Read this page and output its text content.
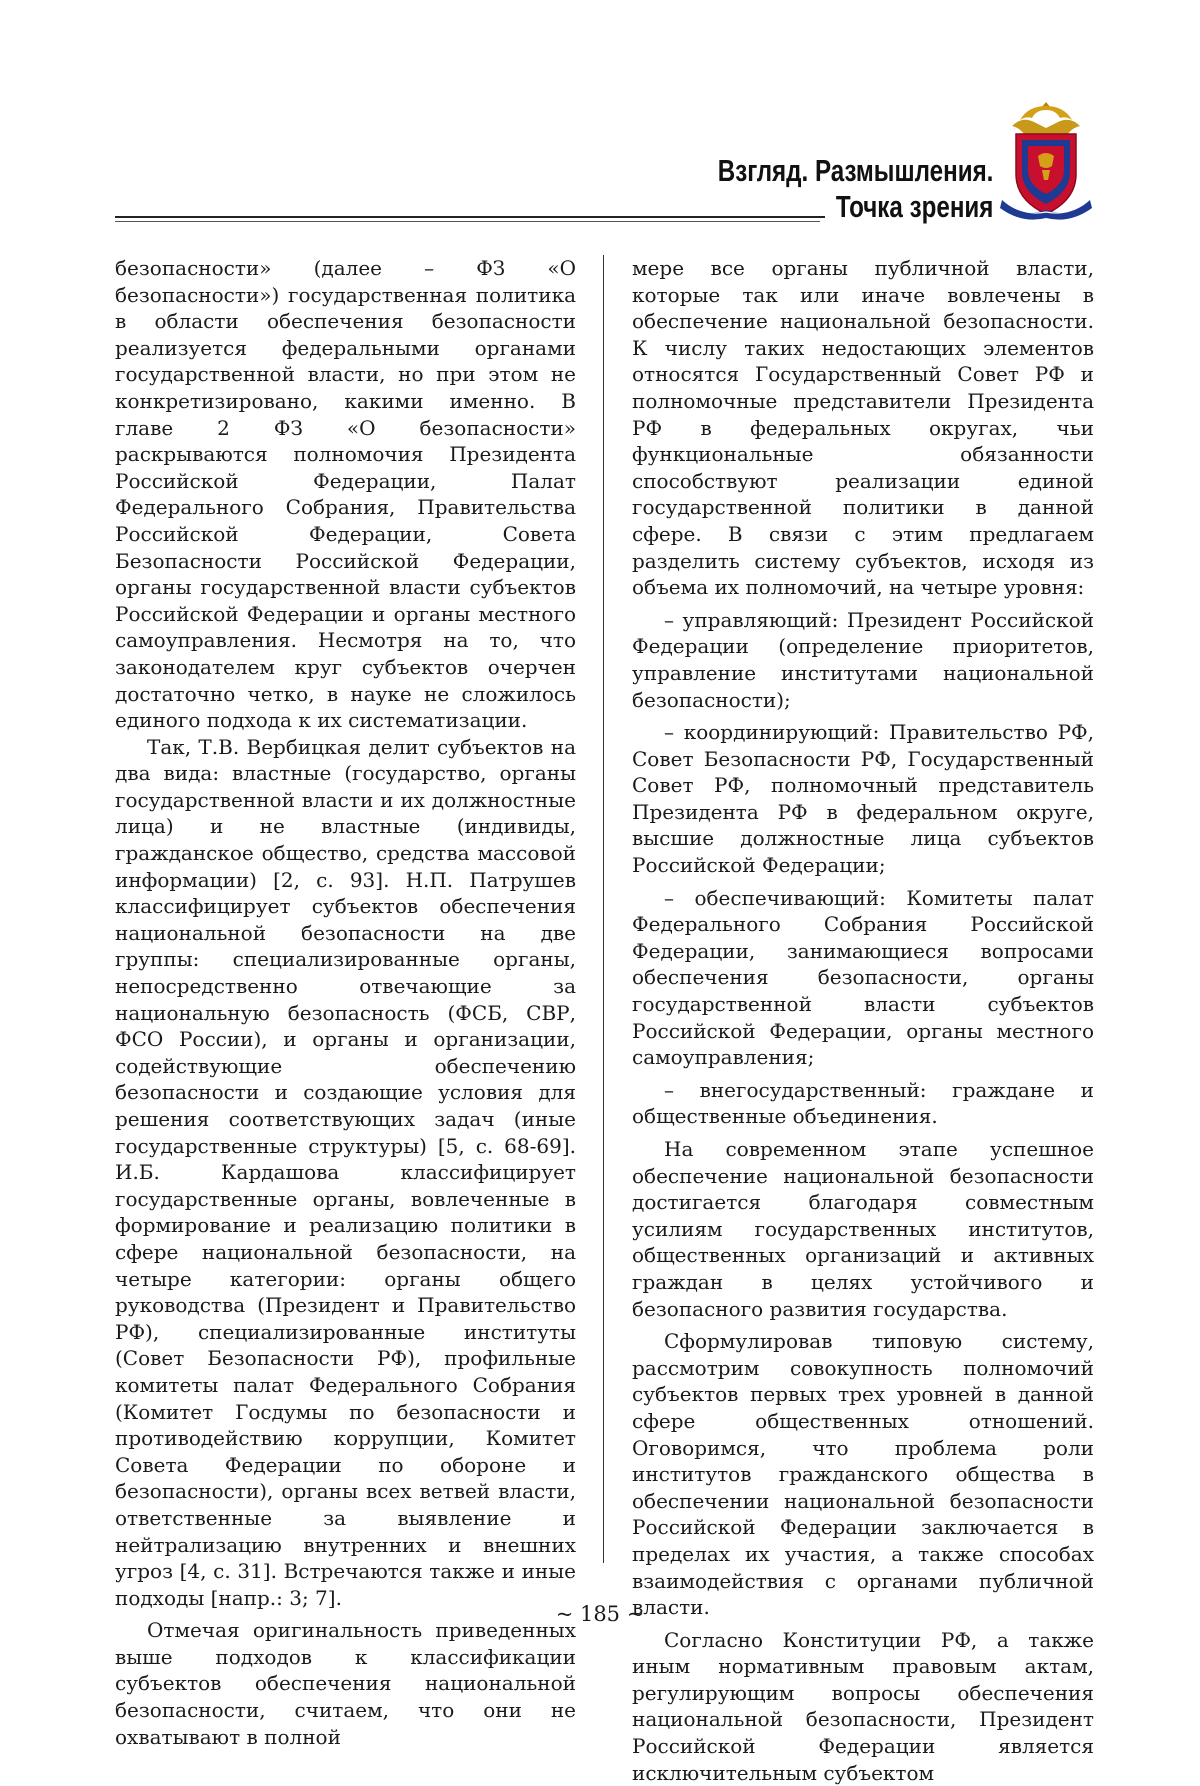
Взгляд. Размышления.
Точка зрения

безопасности» (далее – ФЗ «О безопасности») государственная политика в области обеспечения безопасности реализуется федеральными органами государственной власти, но при этом не конкретизировано, какими именно. В главе 2 ФЗ «О безопасности» раскрываются полномочия Президента Российской Федерации, Палат Федерального Собрания, Правительства Российской Федерации, Совета Безопасности Российской Федерации, органы государственной власти субъектов Российской Федерации и органы местного самоуправления. Несмотря на то, что законодателем круг субъектов очерчен достаточно четко, в науке не сложилось единого подхода к их систематизации.

Так, Т.В. Вербицкая делит субъектов на два вида: властные (государство, органы государственной власти и их должностные лица) и не властные (индивиды, гражданское общество, средства массовой информации) [2, с. 93]. Н.П. Патрушев классифицирует субъектов обеспечения национальной безопасности на две группы: специализированные органы, непосредственно отвечающие за национальную безопасность (ФСБ, СВР, ФСО России), и органы и организации, содействующие обеспечению безопасности и создающие условия для решения соответствующих задач (иные государственные структуры) [5, с. 68-69]. И.Б. Кардашова классифицирует государственные органы, вовлеченные в формирование и реализацию политики в сфере национальной безопасности, на четыре категории: органы общего руководства (Президент и Правительство РФ), специализированные институты (Совет Безопасности РФ), профильные комитеты палат Федерального Собрания (Комитет Госдумы по безопасности и противодействию коррупции, Комитет Совета Федерации по обороне и безопасности), органы всех ветвей власти, ответственные за выявление и нейтрализацию внутренних и внешних угроз [4, с. 31]. Встречаются также и иные подходы [напр.: 3; 7].

Отмечая оригинальность приведенных выше подходов к классификации субъектов обеспечения национальной безопасности, считаем, что они не охватывают в полной

мере все органы публичной власти, которые так или иначе вовлечены в обеспечение национальной безопасности. К числу таких недостающих элементов относятся Государственный Совет РФ и полномочные представители Президента РФ в федеральных округах, чьи функциональные обязанности способствуют реализации единой государственной политики в данной сфере. В связи с этим предлагаем разделить систему субъектов, исходя из объема их полномочий, на четыре уровня:

– управляющий: Президент Российской Федерации (определение приоритетов, управление институтами национальной безопасности);

– координирующий: Правительство РФ, Совет Безопасности РФ, Государственный Совет РФ, полномочный представитель Президента РФ в федеральном округе, высшие должностные лица субъектов Российской Федерации;

– обеспечивающий: Комитеты палат Федерального Собрания Российской Федерации, занимающиеся вопросами обеспечения безопасности, органы государственной власти субъектов Российской Федерации, органы местного самоуправления;

– внегосударственный: граждане и общественные объединения.

На современном этапе успешное обеспечение национальной безопасности достигается благодаря совместным усилиям государственных институтов, общественных организаций и активных граждан в целях устойчивого и безопасного развития государства.

Сформулировав типовую систему, рассмотрим совокупность полномочий субъектов первых трех уровней в данной сфере общественных отношений. Оговоримся, что проблема роли институтов гражданского общества в обеспечении национальной безопасности Российской Федерации заключается в пределах их участия, а также способах взаимодействия с органами публичной власти.

Согласно Конституции РФ, а также иным нормативным правовым актам, регулирующим вопросы обеспечения национальной безопасности, Президент Российской Федерации является исключительным субъектом

~ 185 ~
